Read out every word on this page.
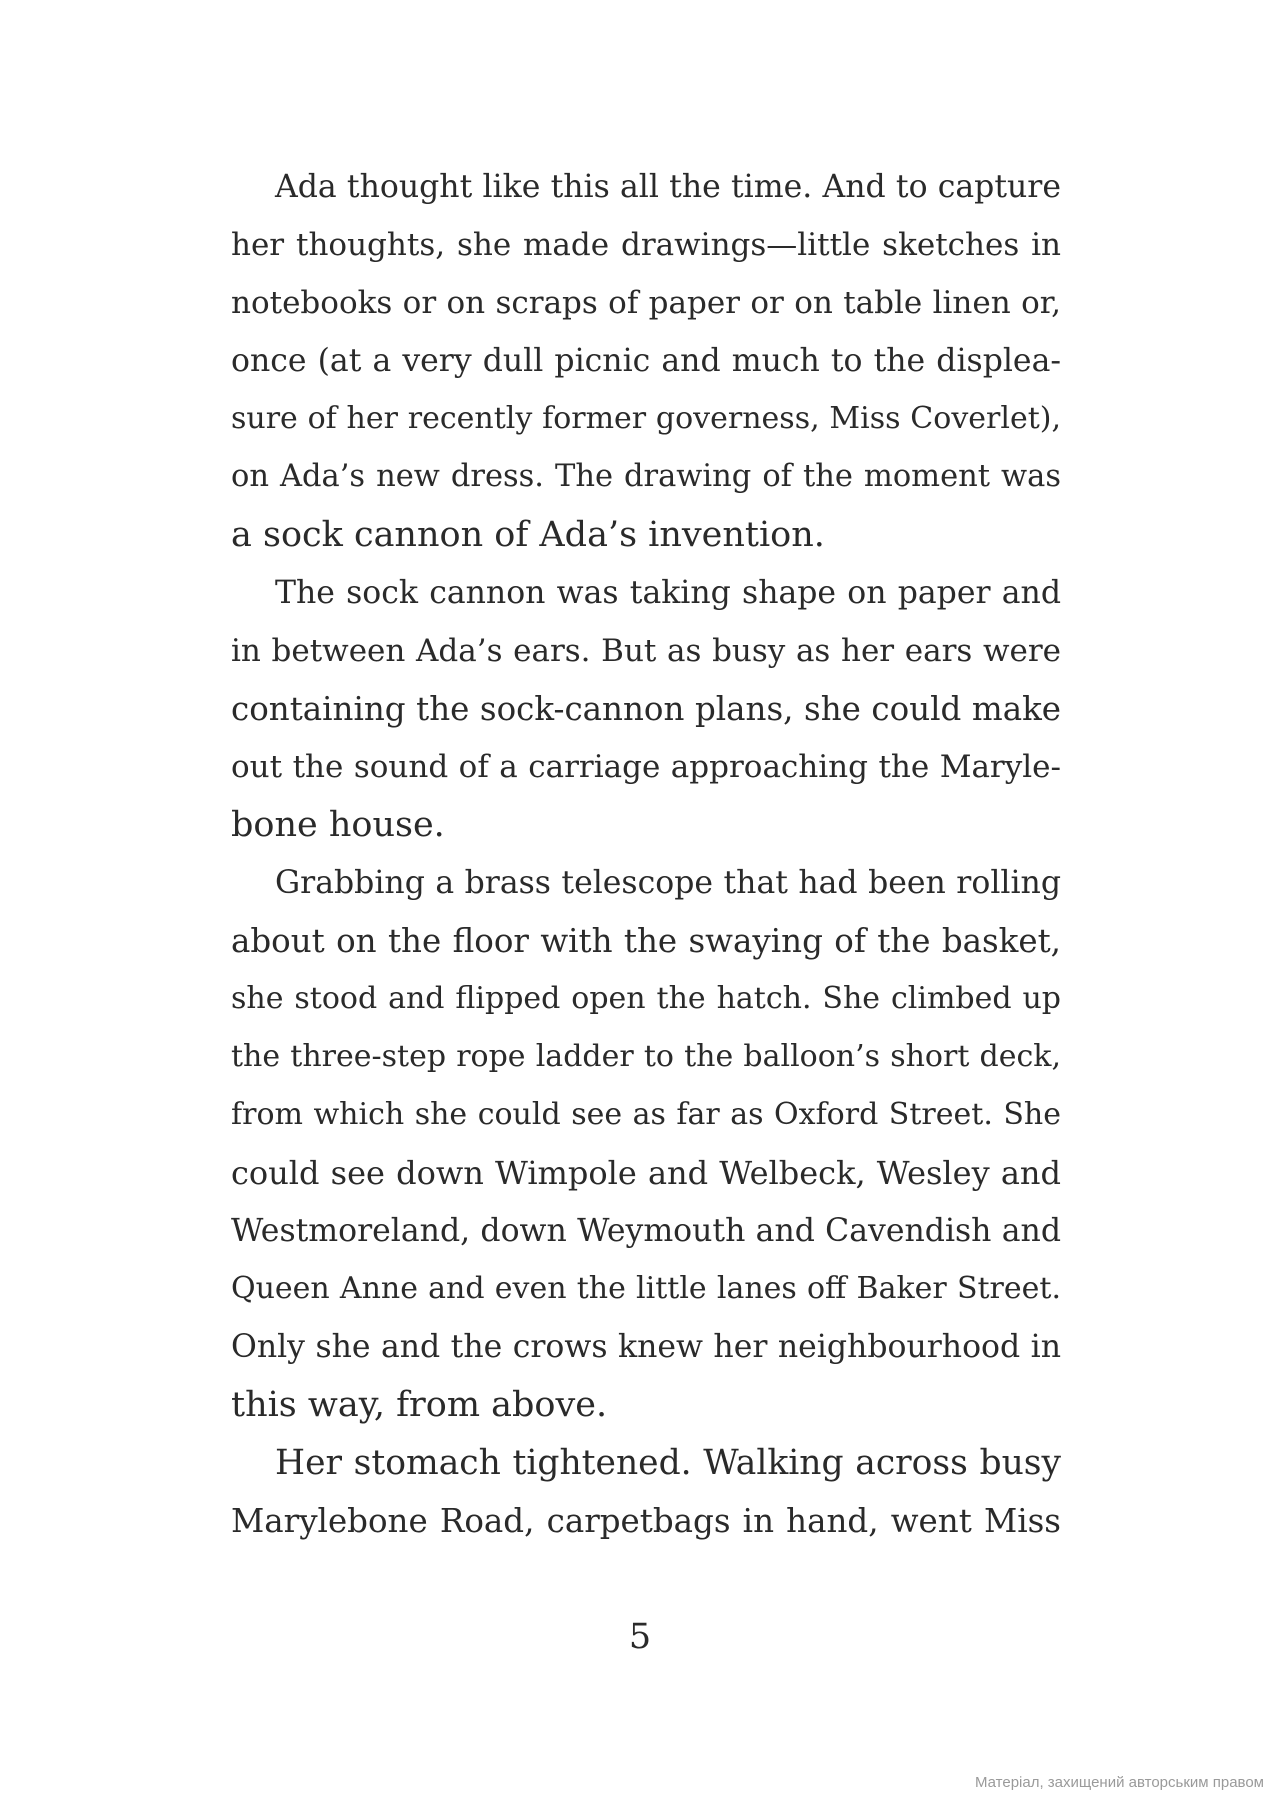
Ada thought like this all the time. And to capture
her thoughts, she made drawings—little sketches in
notebooks or on scraps of paper or on table linen or,
once (at a very dull picnic and much to the displea-
sure of her recently former governess, Miss Coverlet),
on Ada’s new dress. The drawing of the moment was
a sock cannon of Ada’s invention.
The sock cannon was taking shape on paper and
in between Ada’s ears. But as busy as her ears were
containing the sock-cannon plans, she could make
out the sound of a carriage approaching the Maryle-
bone house.
Grabbing a brass telescope that had been rolling
about on the floor with the swaying of the basket,
she stood and flipped open the hatch. She climbed up
the three-step rope ladder to the balloon’s short deck,
from which she could see as far as Oxford Street. She
could see down Wimpole and Welbeck, Wesley and
Westmoreland, down Weymouth and Cavendish and
Queen Anne and even the little lanes off Baker Street.
Only she and the crows knew her neighbourhood in
this way, from above.
Her stomach tightened. Walking across busy
Marylebone Road, carpetbags in hand, went Miss
5
Матеріал, захищений авторським правом
